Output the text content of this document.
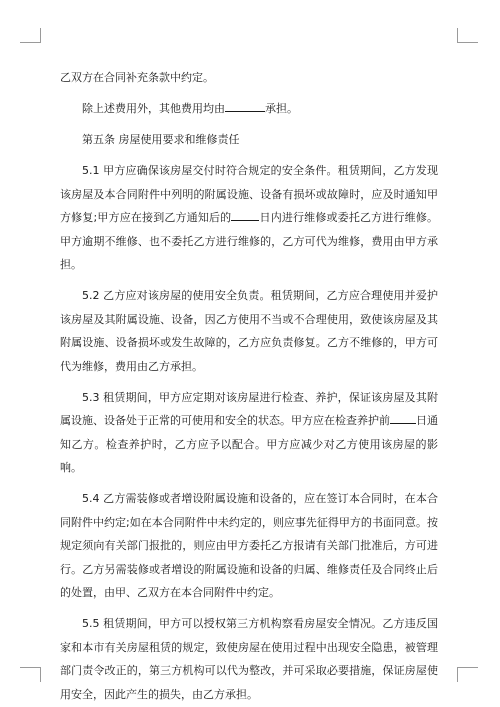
乙双方在合同补充条款中约定。

除上述费用外，其他费用均由	承担。

第五条 房屋使用要求和维修责任

5.1 甲方应确保该房屋交付时符合规定的安全条件。租赁期间，乙方发现该房屋及本合同附件中列明的附属设施、设备有损坏或故障时，应及时通知甲方修复;甲方应在接到乙方通知后的	日内进行维修或委托乙方进行维修。甲方逾期不维修、也不委托乙方进行维修的，乙方可代为维修，费用由甲方承担。

5.2 乙方应对该房屋的使用安全负责。租赁期间，乙方应合理使用并爱护该房屋及其附属设施、设备，因乙方使用不当或不合理使用，致使该房屋及其附属设施、设备损坏或发生故障的，乙方应负责修复。乙方不维修的，甲方可代为维修，费用由乙方承担。

5.3 租赁期间，甲方应定期对该房屋进行检查、养护，保证该房屋及其附属设施、设备处于正常的可使用和安全的状态。甲方应在检查养护前 日通知乙方。检查养护时，乙方应予以配合。甲方应减少对乙方使用该房屋的影响。

5.4 乙方需装修或者增设附属设施和设备的，应在签订本合同时，在本合同附件中约定;如在本合同附件中未约定的，则应事先征得甲方的书面同意。按规定须向有关部门报批的，则应由甲方委托乙方报请有关部门批准后，方可进行。乙方另需装修或者增设的附属设施和设备的归属、维修责任及合同终止后的处置，由甲、乙双方在本合同附件中约定。

5.5 租赁期间，甲方可以授权第三方机构察看房屋安全情况。乙方违反国家和本市有关房屋租赁的规定，致使房屋在使用过程中出现安全隐患，被管理部门责令改正的，第三方机构可以代为整改，并可采取必要措施，保证房屋使用安全，因此产生的损失，由乙方承担。
